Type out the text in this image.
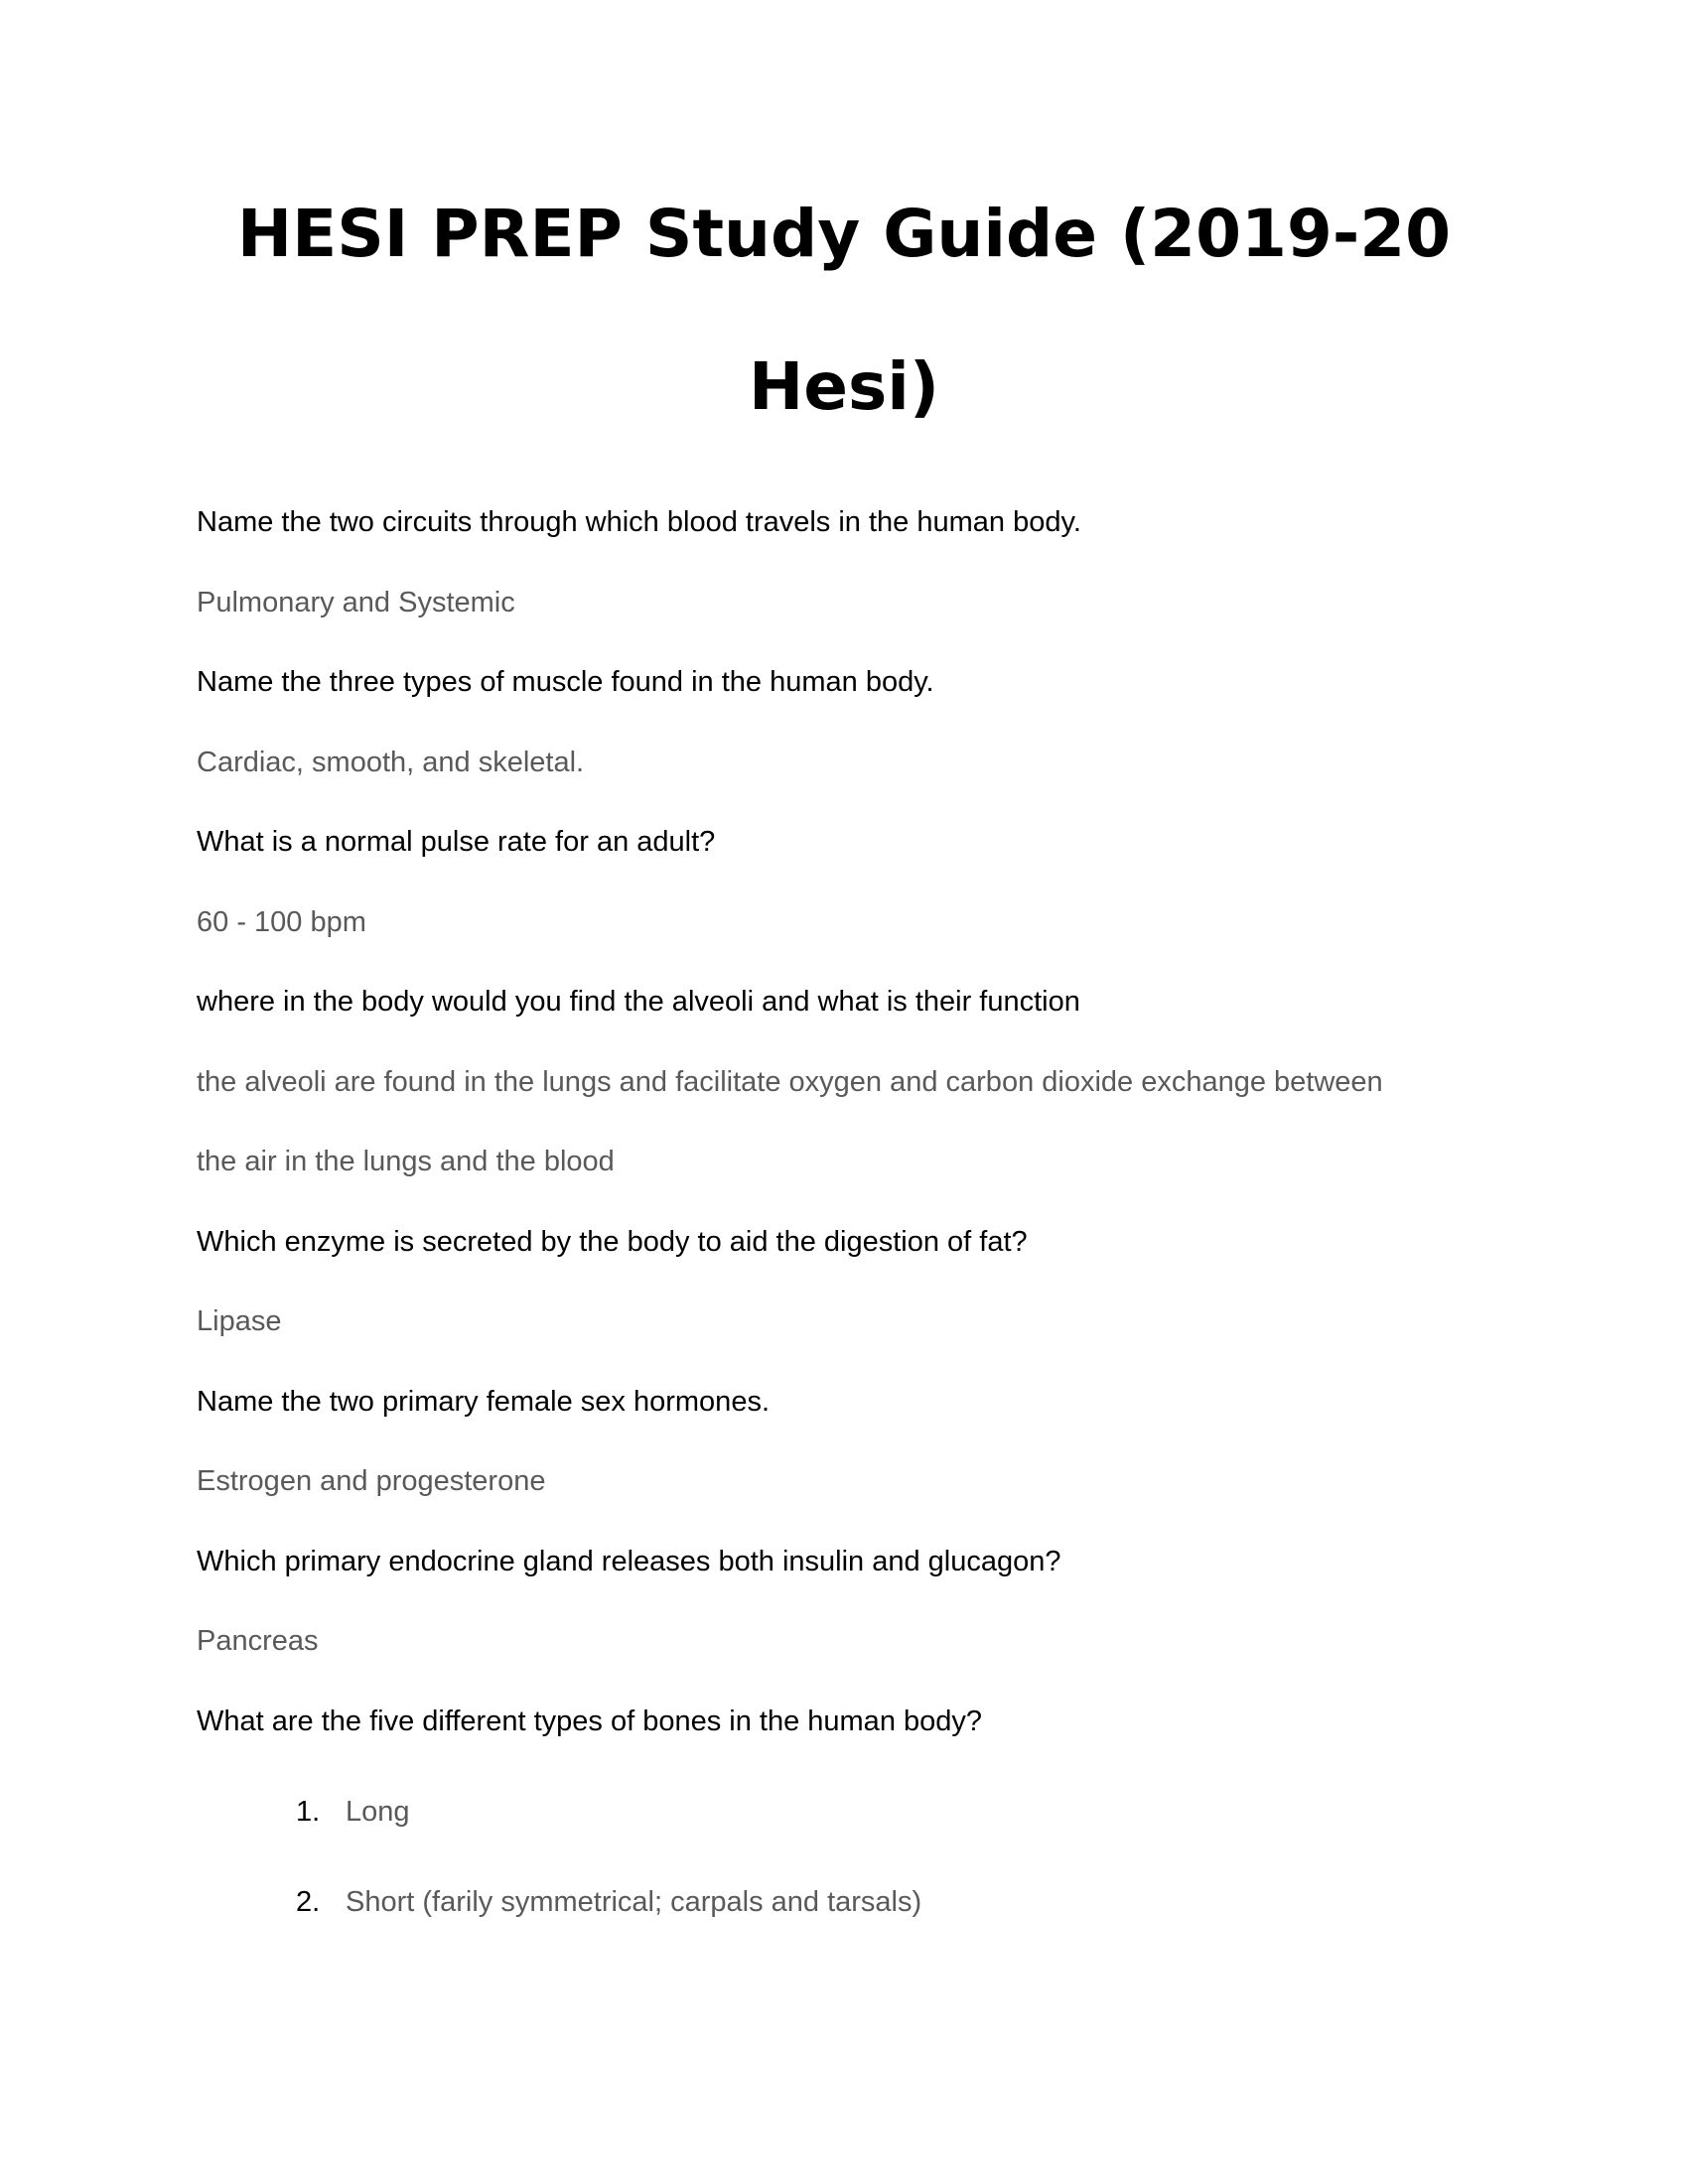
HESI PREP Study Guide (2019-20
Hesi)

Name the two circuits through which blood travels in the human body.

Pulmonary and Systemic

Name the three types of muscle found in the human body.

Cardiac, smooth, and skeletal.

What is a normal pulse rate for an adult?

60 - 100 bpm

where in the body would you find the alveoli and what is their function

the alveoli are found in the lungs and facilitate oxygen and carbon dioxide exchange between

the air in the lungs and the blood

Which enzyme is secreted by the body to aid the digestion of fat?

Lipase

Name the two primary female sex hormones.

Estrogen and progesterone

Which primary endocrine gland releases both insulin and glucagon?

Pancreas

What are the five different types of bones in the human body?

1. Long
2. Short (farily symmetrical; carpals and tarsals)
